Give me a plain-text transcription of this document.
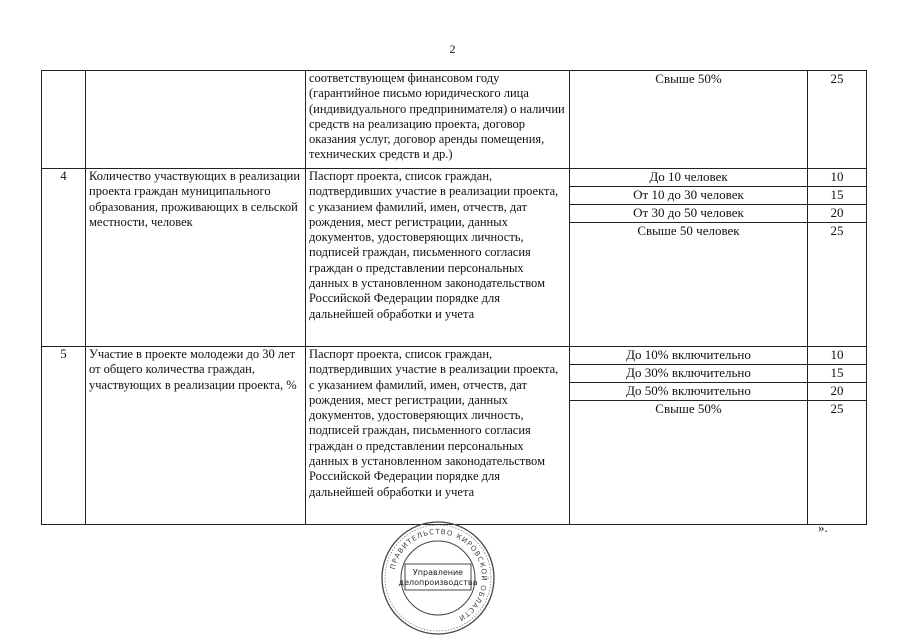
2
		соответствующем финансовом году (гарантийное письмо юридического лица (индивидуального предпринимателя) о наличии средств на реализацию проекта, договор оказания услуг, договор аренды помещения, технических средств и др.)	Свыше 50%	25
4	Количество участвующих в реализации проекта граждан муниципального образования, проживающих в сельской местности, человек	Паспорт проекта, список граждан, подтвердивших участие в реализации проекта, с указанием фамилий, имен, отчеств, дат рождения, мест регистрации, данных документов, удостоверяющих личность, подписей граждан, письменного согласия граждан о представлении персональных данных в установленном законодательством Российской Федерации порядке для дальнейшей обработки и учета	До 10 человек	10
			От 10 до 30 человек	15
			От 30 до 50 человек	20
			Свыше 50 человек	25
5	Участие в проекте молодежи до 30 лет от общего количества граждан, участвующих в реализации проекта, %	Паспорт проекта, список граждан, подтвердивших участие в реализации проекта, с указанием фамилий, имен, отчеств, дат рождения, мест регистрации, данных документов, удостоверяющих личность, подписей граждан, письменного согласия граждан о представлении персональных данных в установленном законодательством Российской Федерации порядке для дальнейшей обработки и учета	До 10% включительно	10
			До 30% включительно	15
			До 50% включительно	20
			Свыше 50%	25
».
ПРАВИТЕЛЬСТВО КИРОВСКОЙ ОБЛАСТИ
Управление
делопроизводства
